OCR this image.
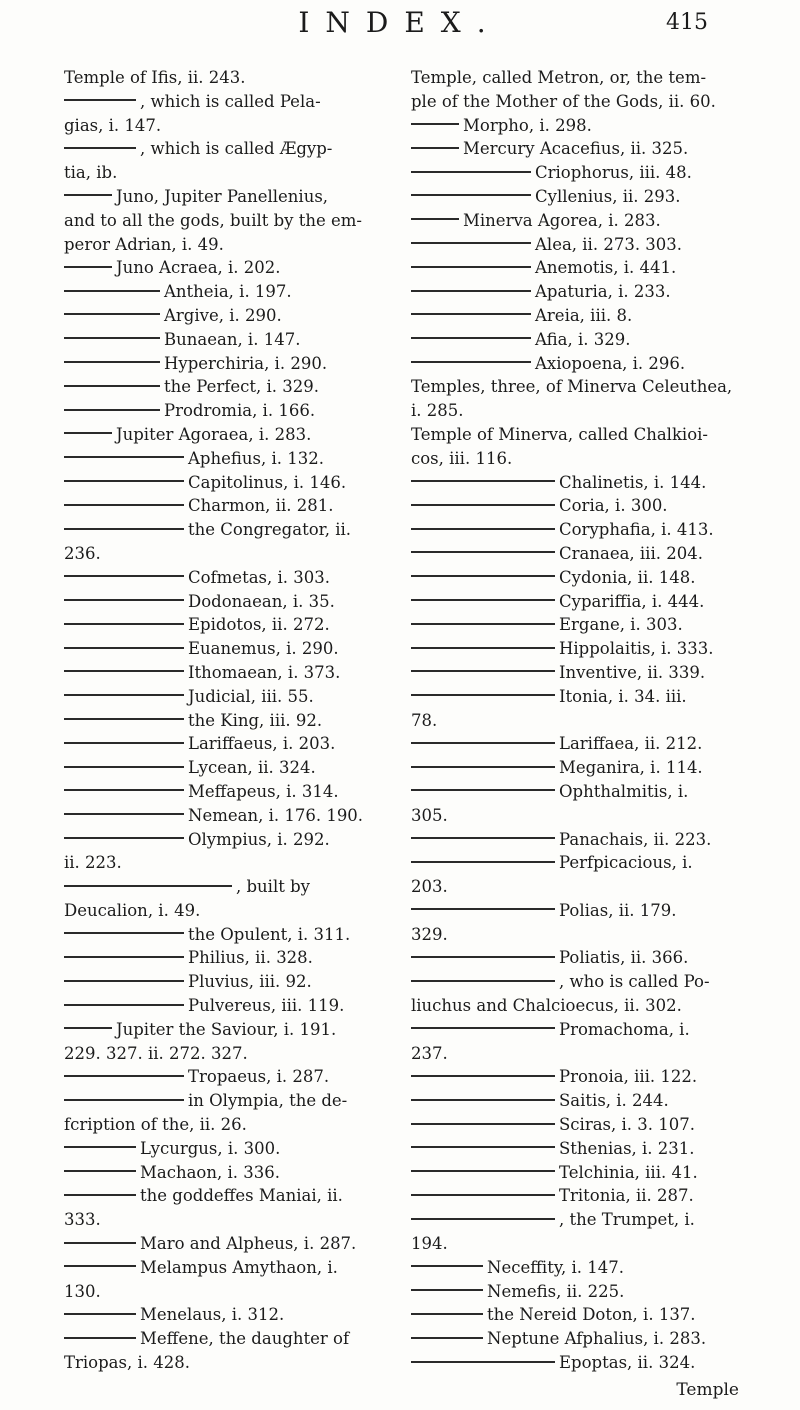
INDEX.	415
Temple of Ifis, ii. 243.
, which is called Pela-
gias, i. 147.
, which is called Ægyp-
tia, ib.
Juno, Jupiter Panellenius,
and to all the gods, built by the em-
peror Adrian, i. 49.
Juno Acraea, i. 202.
Antheia, i. 197.
Argive, i. 290.
Bunaean, i. 147.
Hyperchiria, i. 290.
the Perfect, i. 329.
Prodromia, i. 166.
Jupiter Agoraea, i. 283.
Aphefius, i. 132.
Capitolinus, i. 146.
Charmon, ii. 281.
the Congregator, ii.
236.
Cofmetas, i. 303.
Dodonaean, i. 35.
Epidotos, ii. 272.
Euanemus, i. 290.
Ithomaean, i. 373.
Judicial, iii. 55.
the King, iii. 92.
Lariffaeus, i. 203.
Lycean, ii. 324.
Meffapeus, i. 314.
Nemean, i. 176. 190.
Olympius, i. 292.
ii. 223.
, built by
Deucalion, i. 49.
the Opulent, i. 311.
Philius, ii. 328.
Pluvius, iii. 92.
Pulvereus, iii. 119.
Jupiter the Saviour, i. 191.
229. 327. ii. 272. 327.
Tropaeus, i. 287.
in Olympia, the de-
fcription of the, ii. 26.
Lycurgus, i. 300.
Machaon, i. 336.
the goddeffes Maniai, ii.
333.
Maro and Alpheus, i. 287.
Melampus Amythaon, i.
130.
Menelaus, i. 312.
Meffene, the daughter of
Triopas, i. 428.
Temple, called Metron, or, the tem-
ple of the Mother of the Gods, ii. 60.
Morpho, i. 298.
Mercury Acacefius, ii. 325.
Criophorus, iii. 48.
Cyllenius, ii. 293.
Minerva Agorea, i. 283.
Alea, ii. 273. 303.
Anemotis, i. 441.
Apaturia, i. 233.
Areia, iii. 8.
Afia, i. 329.
Axiopoena, i. 296.
Temples, three, of Minerva Celeuthea,
i. 285.
Temple of Minerva, called Chalkioi-
cos, iii. 116.
Chalinetis, i. 144.
Coria, i. 300.
Coryphafia, i. 413.
Cranaea, iii. 204.
Cydonia, ii. 148.
Cypariffia, i. 444.
Ergane, i. 303.
Hippolaitis, i. 333.
Inventive, ii. 339.
Itonia, i. 34. iii.
78.
Lariffaea, ii. 212.
Meganira, i. 114.
Ophthalmitis, i.
305.
Panachais, ii. 223.
Perfpicacious, i.
203.
Polias, ii. 179.
329.
Poliatis, ii. 366.
, who is called Po-
liuchus and Chalcioecus, ii. 302.
Promachoma, i.
237.
Pronoia, iii. 122.
Saitis, i. 244.
Sciras, i. 3. 107.
Sthenias, i. 231.
Telchinia, iii. 41.
Tritonia, ii. 287.
, the Trumpet, i.
194.
Neceffity, i. 147.
Nemefis, ii. 225.
the Nereid Doton, i. 137.
Neptune Afphalius, i. 283.
Epoptas, ii. 324.
Temple
